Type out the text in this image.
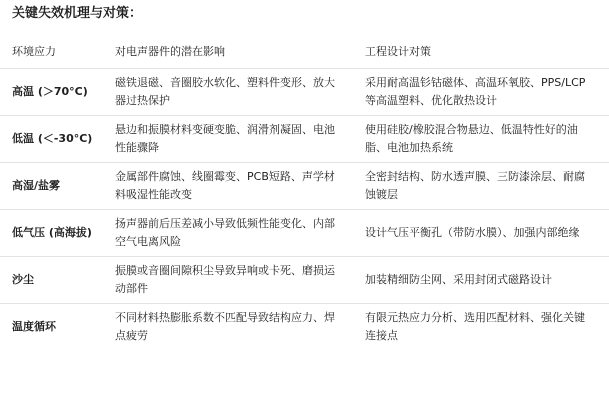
关键失效机理与对策：
环境应力	对电声器件的潜在影响	工程设计对策
高温 (＞70°C)	磁铁退磁、音圈胶水软化、塑料件变形、放大器过热保护	采用耐高温钐钴磁体、高温环氧胶、PPS/LCP等高温塑料、优化散热设计
低温 (＜-30°C)	悬边和振膜材料变硬变脆、润滑剂凝固、电池性能骤降	使用硅胶/橡胶混合物悬边、低温特性好的油脂、电池加热系统
高湿/盐雾	金属部件腐蚀、线圈霉变、PCB短路、声学材料吸湿性能改变	全密封结构、防水透声膜、三防漆涂层、耐腐蚀镀层
低气压 (高海拔)	扬声器前后压差减小导致低频性能变化、内部空气电离风险	设计气压平衡孔（带防水膜）、加强内部绝缘
沙尘	振膜或音圈间隙积尘导致异响或卡死、磨损运动部件	加装精细防尘网、采用封闭式磁路设计
温度循环	不同材料热膨胀系数不匹配导致结构应力、焊点疲劳	有限元热应力分析、选用匹配材料、强化关键连接点
